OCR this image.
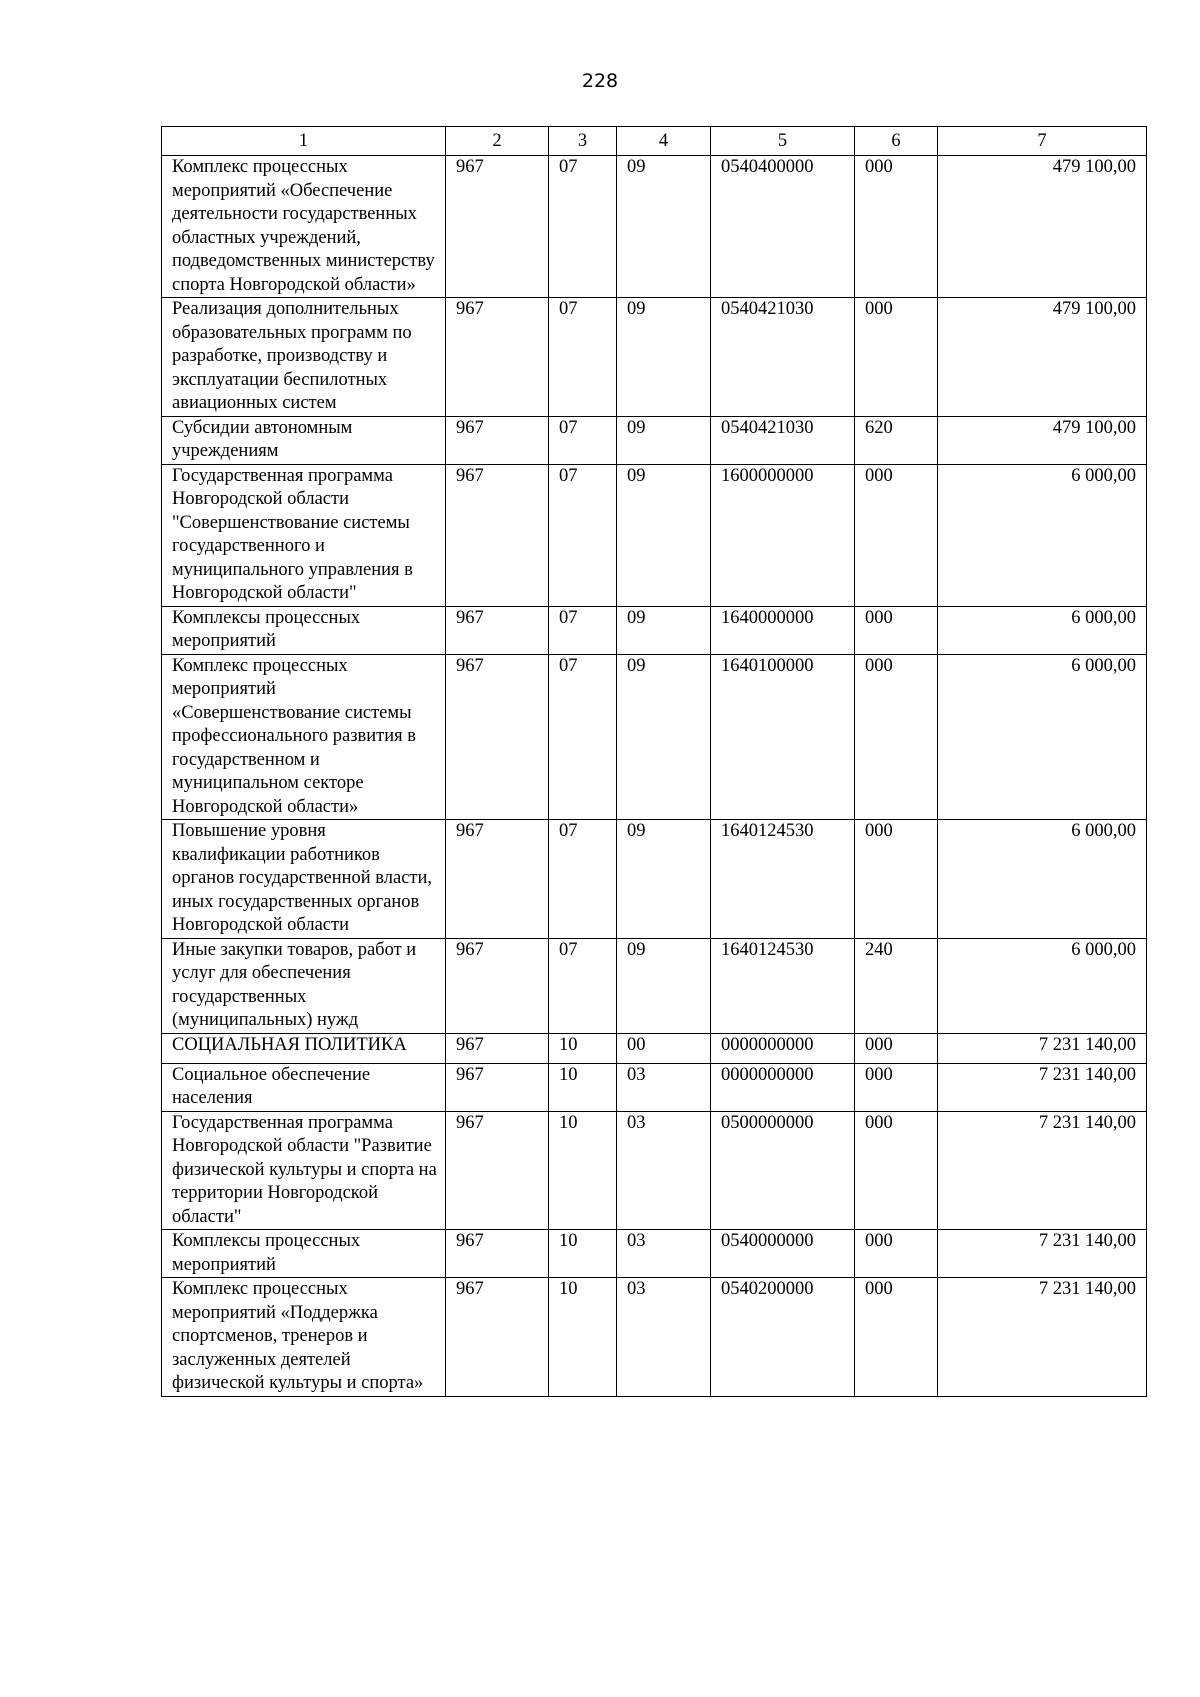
228
1	2	3	4	5	6	7
Комплекс процессных мероприятий «Обеспечение деятельности государственных областных учреждений, подведомственных министерству спорта Новгородской области»	967	07	09	0540400000	000	479 100,00
Реализация дополнительных образовательных программ по разработке, производству и эксплуатации беспилотных авиационных систем	967	07	09	0540421030	000	479 100,00
Субсидии автономным учреждениям	967	07	09	0540421030	620	479 100,00
Государственная программа Новгородской области "Совершенствование системы государственного и муниципального управления в Новгородской области"	967	07	09	1600000000	000	6 000,00
Комплексы процессных мероприятий	967	07	09	1640000000	000	6 000,00
Комплекс процессных мероприятий «Совершенствование системы профессионального развития в государственном и муниципальном секторе Новгородской области»	967	07	09	1640100000	000	6 000,00
Повышение уровня квалификации работников органов государственной власти, иных государственных органов Новгородской области	967	07	09	1640124530	000	6 000,00
Иные закупки товаров, работ и услуг для обеспечения государственных (муниципальных) нужд	967	07	09	1640124530	240	6 000,00
СОЦИАЛЬНАЯ ПОЛИТИКА	967	10	00	0000000000	000	7 231 140,00
Социальное обеспечение населения	967	10	03	0000000000	000	7 231 140,00
Государственная программа Новгородской области "Развитие физической культуры и спорта на территории Новгородской области"	967	10	03	0500000000	000	7 231 140,00
Комплексы процессных мероприятий	967	10	03	0540000000	000	7 231 140,00
Комплекс процессных мероприятий «Поддержка спортсменов, тренеров и заслуженных деятелей физической культуры и спорта»	967	10	03	0540200000	000	7 231 140,00
